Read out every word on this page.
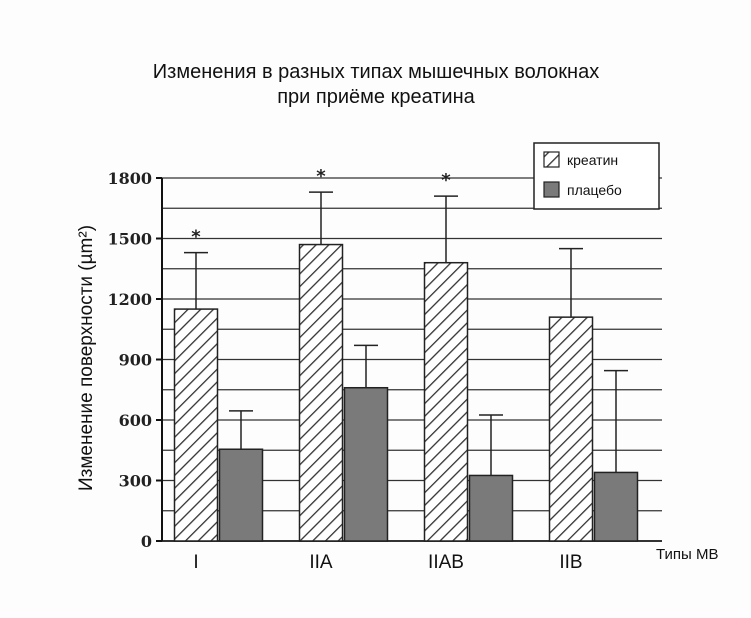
Изменения в разных типах мышечных волокнах
при приёме креатина
Изменение поверхности (µm²)
Типы МВ
0
300
600
900
1200
1500
1800
*
*	*
I	IIA	IIAB	IIB
креатин
плацебо
